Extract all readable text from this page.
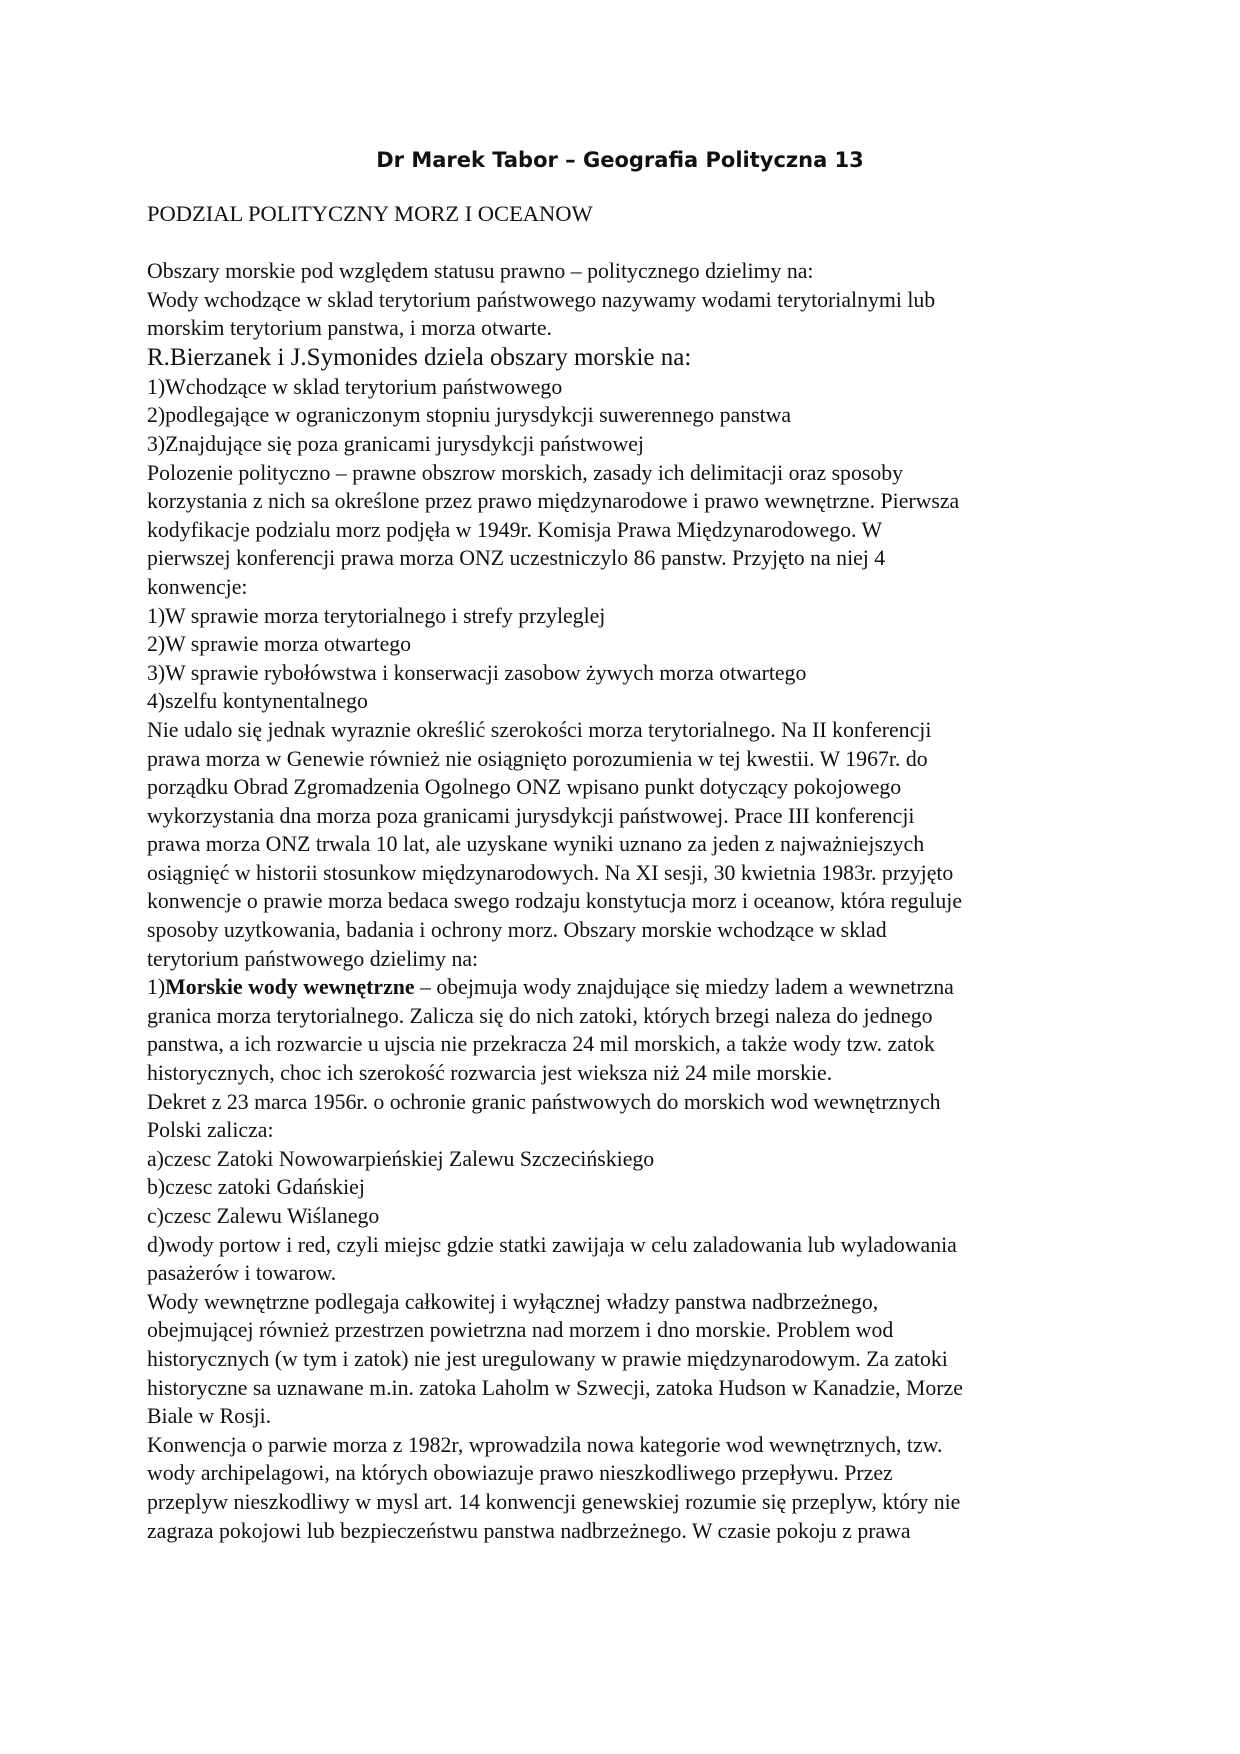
Dr Marek Tabor – Geografia Polityczna 13
PODZIAL POLITYCZNY MORZ I OCEANOW
Obszary morskie pod względem statusu prawno – politycznego dzielimy na:
Wody wchodzące w sklad terytorium państwowego nazywamy wodami terytorialnymi lub
morskim terytorium panstwa, i morza otwarte.
R.Bierzanek i J.Symonides dziela obszary morskie na:
1)Wchodzące w sklad terytorium państwowego
2)podlegające w ograniczonym stopniu jurysdykcji suwerennego panstwa
3)Znajdujące się poza granicami jurysdykcji państwowej
Polozenie polityczno – prawne obszrow morskich, zasady ich delimitacji oraz sposoby
korzystania z nich sa określone przez prawo międzynarodowe i prawo wewnętrzne. Pierwsza
kodyfikacje podzialu morz podjęła w 1949r. Komisja Prawa Międzynarodowego. W
pierwszej konferencji prawa morza ONZ uczestniczylo 86 panstw. Przyjęto na niej 4
konwencje:
1)W sprawie morza terytorialnego i strefy przyleglej
2)W sprawie morza otwartego
3)W sprawie rybołówstwa i konserwacji zasobow żywych morza otwartego
4)szelfu kontynentalnego
Nie udalo się jednak wyraznie określić szerokości morza terytorialnego. Na II konferencji
prawa morza w Genewie również nie osiągnięto porozumienia w tej kwestii. W 1967r. do
porządku Obrad Zgromadzenia Ogolnego ONZ wpisano punkt dotyczący pokojowego
wykorzystania dna morza poza granicami jurysdykcji państwowej. Prace III konferencji
prawa morza ONZ trwala 10 lat, ale uzyskane wyniki uznano za jeden z najważniejszych
osiągnięć w historii stosunkow międzynarodowych. Na XI sesji, 30 kwietnia 1983r. przyjęto
konwencje o prawie morza bedaca swego rodzaju konstytucja morz i oceanow, która reguluje
sposoby uzytkowania, badania i ochrony morz. Obszary morskie wchodzące w sklad
terytorium państwowego dzielimy na:
1)Morskie wody wewnętrzne – obejmuja wody znajdujące się miedzy ladem a wewnetrzna
granica morza terytorialnego. Zalicza się do nich zatoki, których brzegi naleza do jednego
panstwa, a ich rozwarcie u ujscia nie przekracza 24 mil morskich, a także wody tzw. zatok
historycznych, choc ich szerokość rozwarcia jest wieksza niż 24 mile morskie.
Dekret z 23 marca 1956r. o ochronie granic państwowych do morskich wod wewnętrznych
Polski zalicza:
a)czesc Zatoki Nowowarpieńskiej Zalewu Szczecińskiego
b)czesc zatoki Gdańskiej
c)czesc Zalewu Wiślanego
d)wody portow i red, czyli miejsc gdzie statki zawijaja w celu zaladowania lub wyladowania
pasażerów i towarow.
Wody wewnętrzne podlegaja całkowitej i wyłącznej władzy panstwa nadbrzeżnego,
obejmującej również przestrzen powietrzna nad morzem i dno morskie. Problem wod
historycznych (w tym i zatok) nie jest uregulowany w prawie międzynarodowym. Za zatoki
historyczne sa uznawane m.in. zatoka Laholm w Szwecji, zatoka Hudson w Kanadzie, Morze
Biale w Rosji.
Konwencja o parwie morza z 1982r, wprowadzila nowa kategorie wod wewnętrznych, tzw.
wody archipelagowi, na których obowiazuje prawo nieszkodliwego przepływu. Przez
przeplyw nieszkodliwy w mysl art. 14 konwencji genewskiej rozumie się przeplyw, który nie
zagraza pokojowi lub bezpieczeństwu panstwa nadbrzeżnego. W czasie pokoju z prawa
